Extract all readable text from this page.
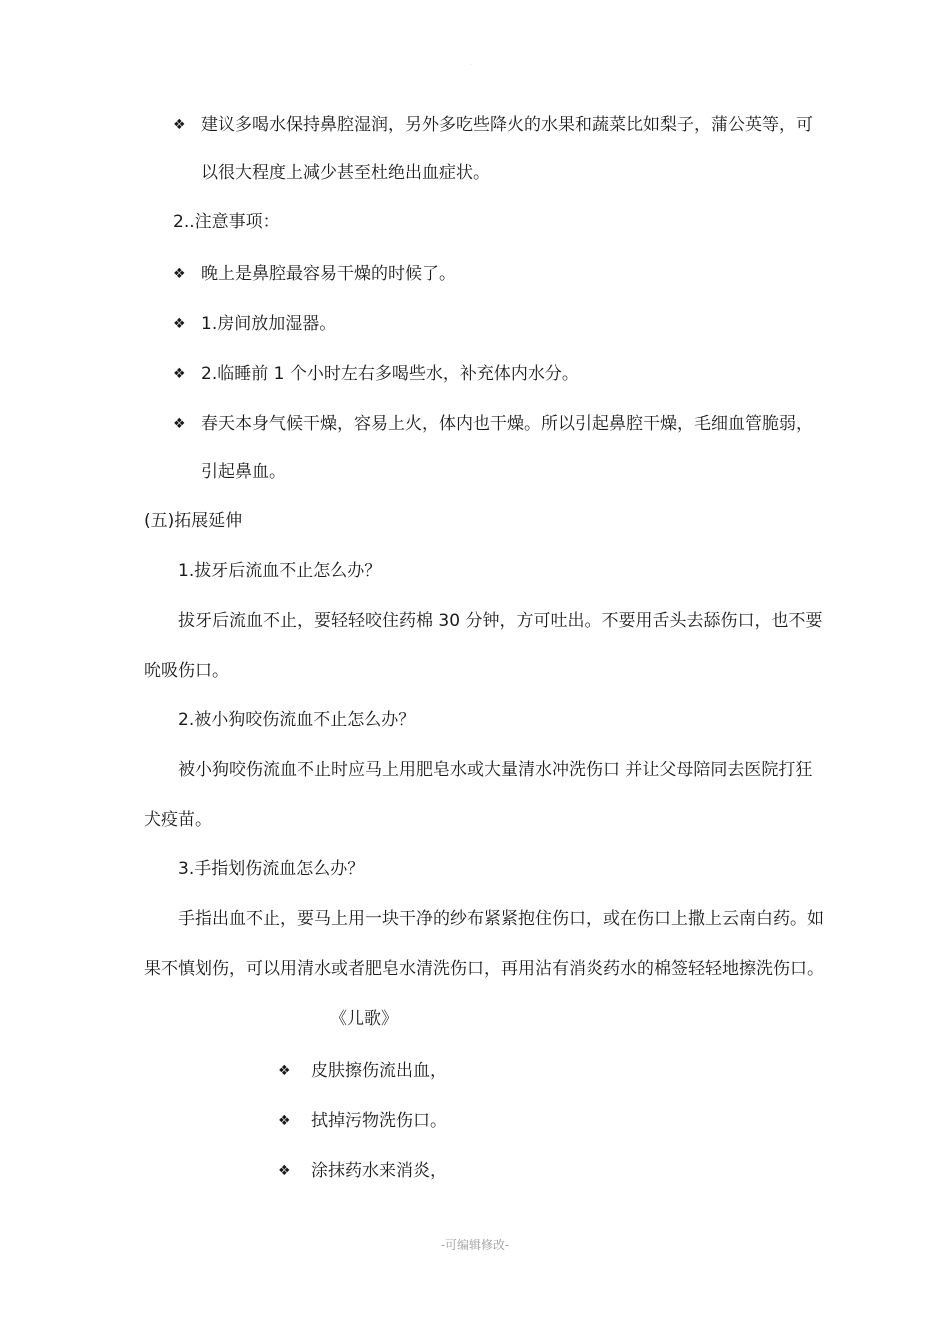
.
❖ 建议多喝水保持鼻腔湿润，另外多吃些降火的水果和蔬菜比如梨子，蒲公英等，可
以很大程度上减少甚至杜绝出血症状。
2..注意事项：
❖ 晚上是鼻腔最容易干燥的时候了。
❖ 1.房间放加湿器。
❖ 2.临睡前 1 个小时左右多喝些水，补充体内水分。
❖ 春天本身气候干燥，容易上火，体内也干燥。所以引起鼻腔干燥，毛细血管脆弱，
引起鼻血。
(五)拓展延伸
1.拔牙后流血不止怎么办？
拔牙后流血不止，要轻轻咬住药棉 30 分钟，方可吐出。不要用舌头去舔伤口，也不要
吮吸伤口。
2.被小狗咬伤流血不止怎么办？
被小狗咬伤流血不止时应马上用肥皂水或大量清水冲洗伤口 并让父母陪同去医院打狂
犬疫苗。
3.手指划伤流血怎么办？
手指出血不止，要马上用一块干净的纱布紧紧抱住伤口，或在伤口上撒上云南白药。如
果不慎划伤，可以用清水或者肥皂水清洗伤口，再用沾有消炎药水的棉签轻轻地擦洗伤口。
《儿歌》
❖ 皮肤擦伤流出血，
❖ 拭掉污物洗伤口。
❖ 涂抹药水来消炎，
-可编辑修改-
